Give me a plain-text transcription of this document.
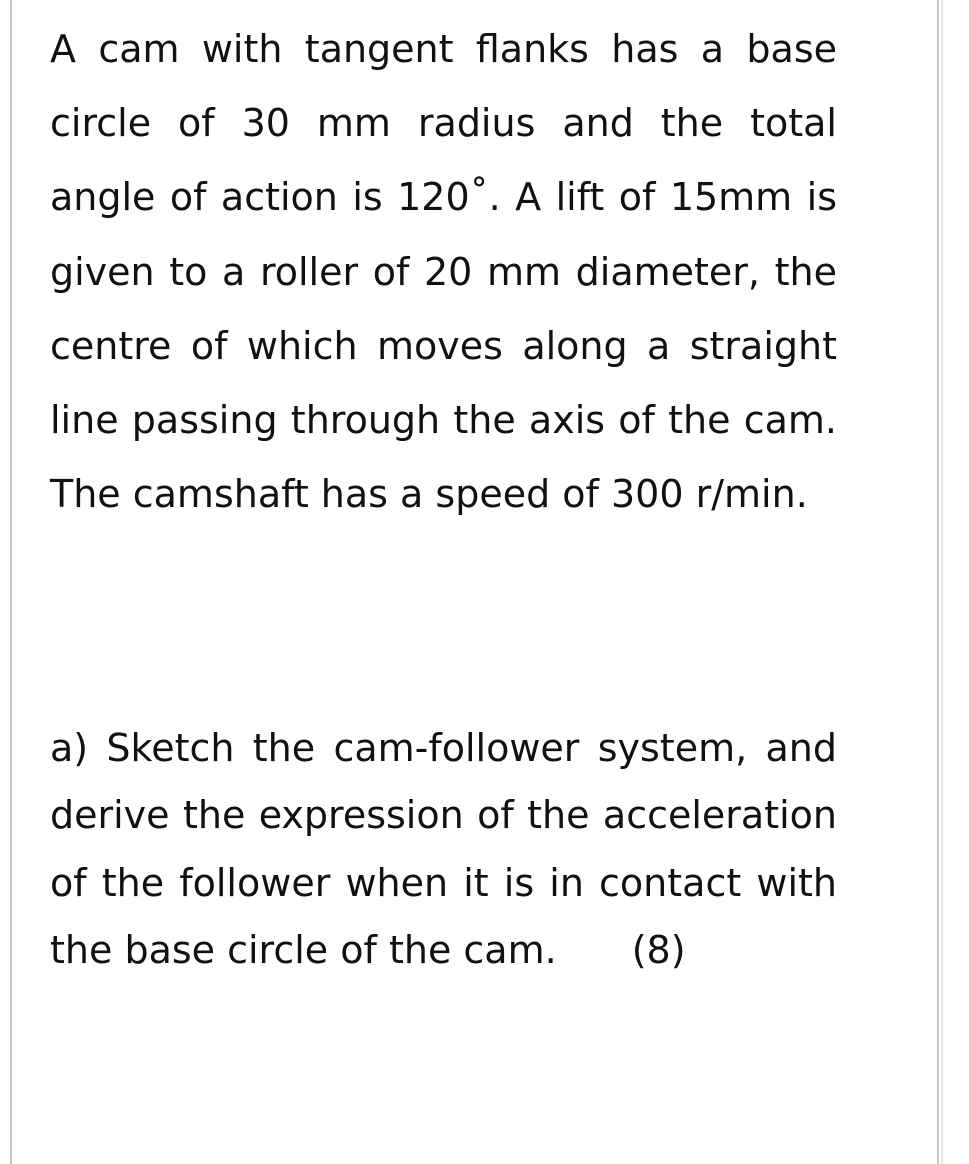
A cam with tangent flanks has a base circle of 30 mm radius and the total angle of action is 120˚. A lift of 15mm is given to a roller of 20 mm diameter, the centre of which moves along a straight line passing through the axis of the cam. The camshaft has a speed of 300 r/min.

a) Sketch the cam-follower system, and derive the expression of the acceleration of the follower when it is in contact with the base circle of the cam. (8)
